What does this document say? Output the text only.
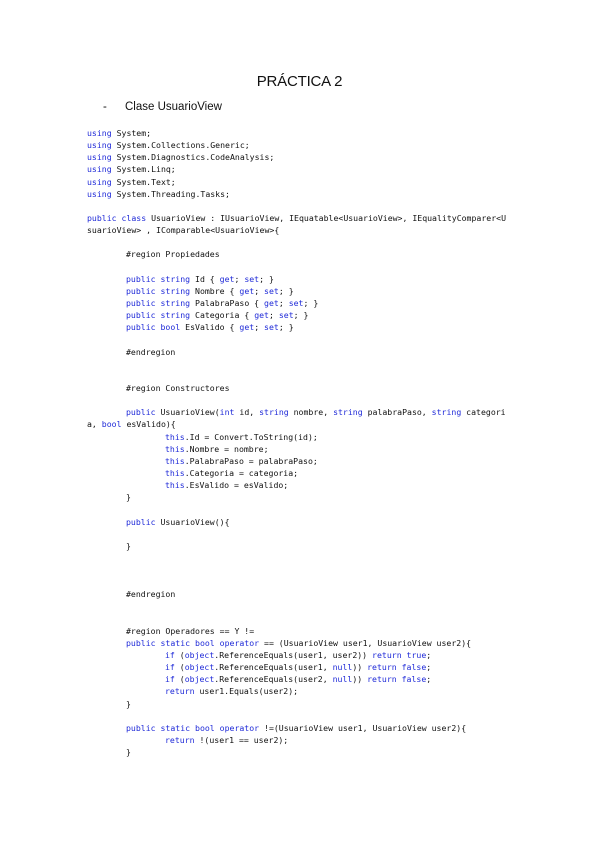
PRÁCTICA 2
- Clase UsuarioView
using System;
using System.Collections.Generic;
using System.Diagnostics.CodeAnalysis;
using System.Linq;
using System.Text;
using System.Threading.Tasks;
public class UsuarioView : IUsuarioView, IEquatable<UsuarioView>, IEqualityComparer<U
suarioView> , IComparable<UsuarioView>{
#region Propiedades
public string Id { get; set; }
public string Nombre { get; set; }
public string PalabraPaso { get; set; }
public string Categoria { get; set; }
public bool EsValido { get; set; }
#endregion
#region Constructores
public UsuarioView(int id, string nombre, string palabraPaso, string categori
a, bool esValido){
this.Id = Convert.ToString(id);
this.Nombre = nombre;
this.PalabraPaso = palabraPaso;
this.Categoria = categoria;
this.EsValido = esValido;
}
public UsuarioView(){
}
#endregion
#region Operadores == Y !=
public static bool operator == (UsuarioView user1, UsuarioView user2){
if (object.ReferenceEquals(user1, user2)) return true;
if (object.ReferenceEquals(user1, null)) return false;
if (object.ReferenceEquals(user2, null)) return false;
return user1.Equals(user2);
}
public static bool operator !=(UsuarioView user1, UsuarioView user2){
return !(user1 == user2);
}
